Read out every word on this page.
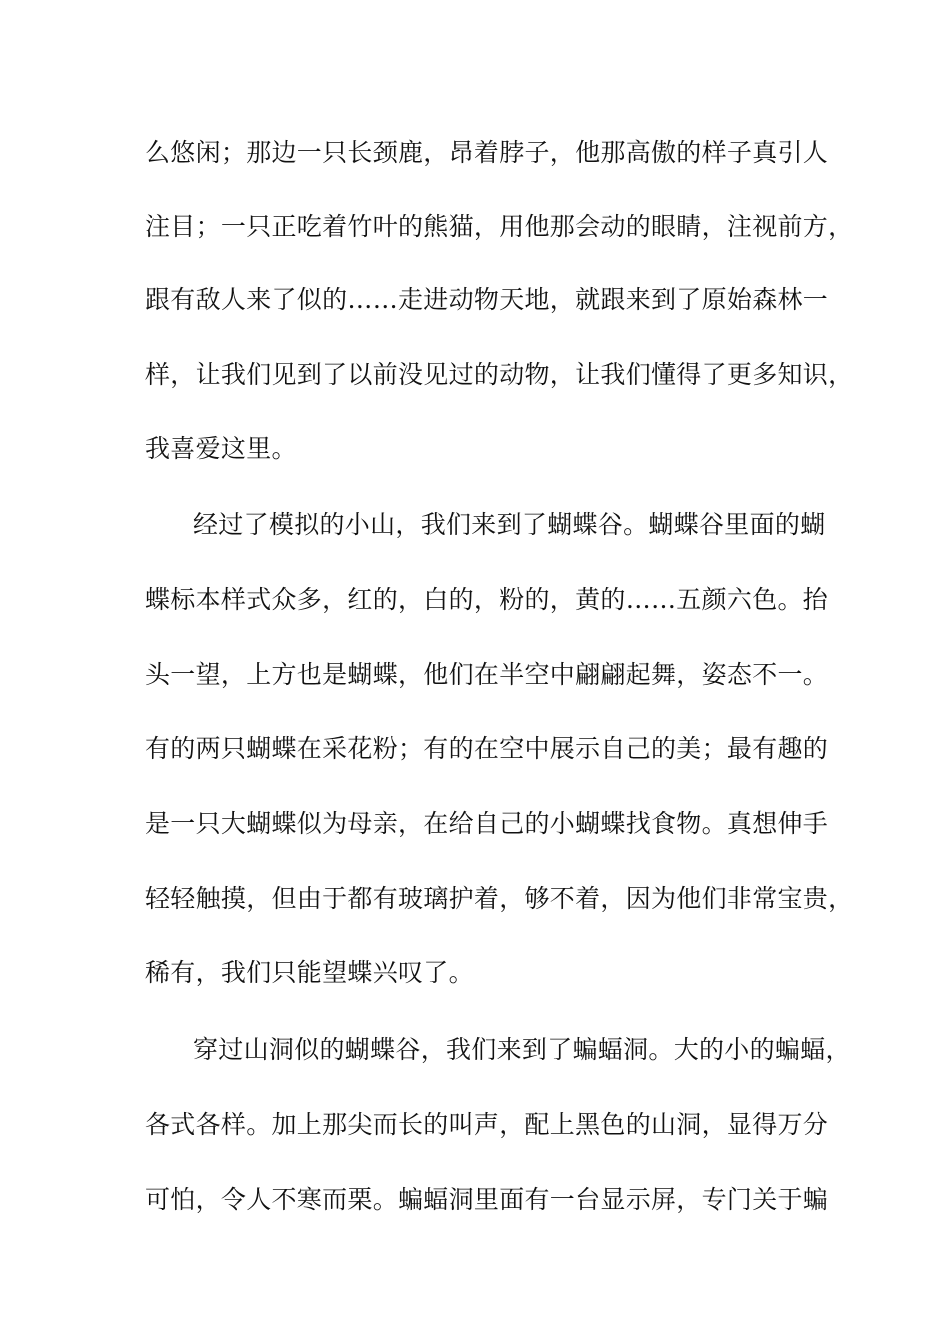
么悠闲；那边一只长颈鹿，昂着脖子，他那高傲的样子真引人
注目；一只正吃着竹叶的熊猫，用他那会动的眼睛，注视前方，
跟有敌人来了似的……走进动物天地，就跟来到了原始森林一
样，让我们见到了以前没见过的动物，让我们懂得了更多知识，
我喜爱这里。
经过了模拟的小山，我们来到了蝴蝶谷。蝴蝶谷里面的蝴
蝶标本样式众多，红的，白的，粉的，黄的……五颜六色。抬
头一望，上方也是蝴蝶，他们在半空中翩翩起舞，姿态不一。
有的两只蝴蝶在采花粉；有的在空中展示自己的美；最有趣的
是一只大蝴蝶似为母亲，在给自己的小蝴蝶找食物。真想伸手
轻轻触摸，但由于都有玻璃护着，够不着，因为他们非常宝贵，
稀有，我们只能望蝶兴叹了。
穿过山洞似的蝴蝶谷，我们来到了蝙蝠洞。大的小的蝙蝠，
各式各样。加上那尖而长的叫声，配上黑色的山洞，显得万分
可怕，令人不寒而栗。蝙蝠洞里面有一台显示屏，专门关于蝙
